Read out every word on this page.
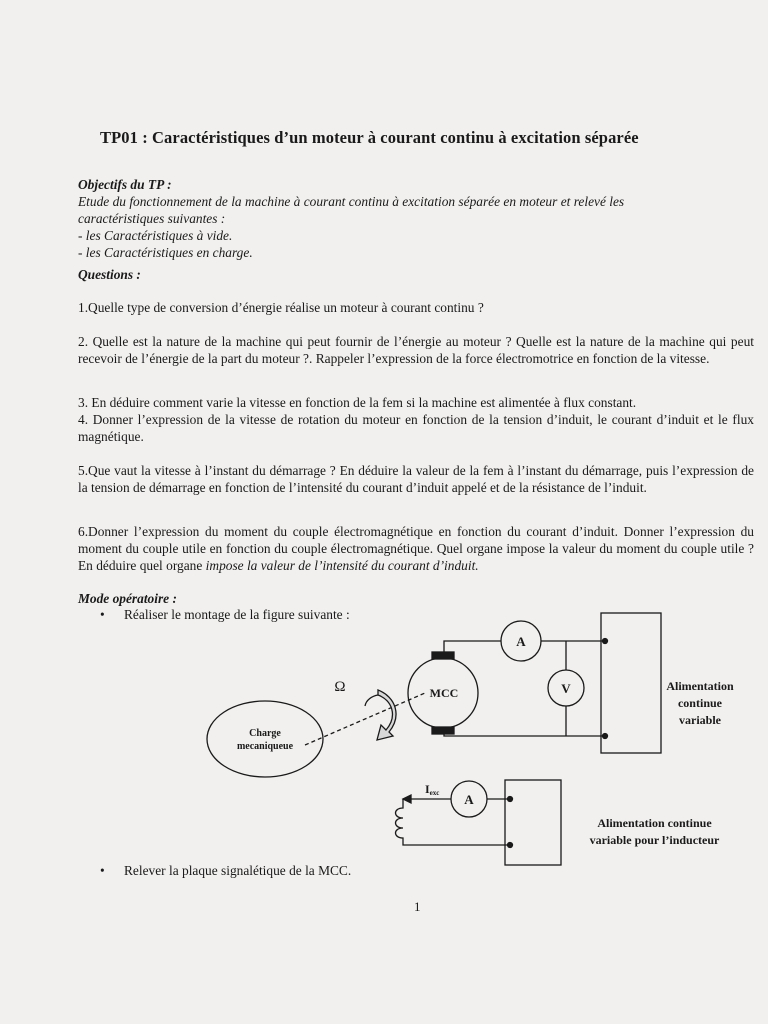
TP01 : Caractéristiques d’un moteur à courant continu à excitation séparée
Objectifs du TP :
Etude du fonctionnement de la machine à courant continu à excitation séparée en moteur et relevé les
caractéristiques suivantes :
- les Caractéristiques à vide.
- les Caractéristiques en charge.
Questions :
1.Quelle type de conversion d’énergie réalise un moteur à courant continu ?
2. Quelle est la nature de la machine qui peut fournir de l’énergie au moteur ? Quelle est la nature de la machine qui peut recevoir de l’énergie de la part du moteur ?. Rappeler l’expression de la force électromotrice en fonction de la vitesse.
3. En déduire comment varie la vitesse en fonction de la fem si la machine est alimentée à flux constant.
4. Donner l’expression de la vitesse de rotation du moteur en fonction de la tension d’induit, le courant d’induit et le flux magnétique.
5.Que vaut la vitesse à l’instant du démarrage ? En déduire la valeur de la fem à l’instant du démarrage, puis l’expression de la tension de démarrage en fonction de l’intensité du courant d’induit appelé et de la résistance de l’induit.
6.Donner l’expression du moment du couple électromagnétique en fonction du courant d’induit. Donner l’expression du moment du couple utile en fonction du couple électromagnétique. Quel organe impose la valeur du moment du couple utile ? En déduire quel organe impose la valeur de l’intensité du courant d’induit.
Mode opératoire :
• Réaliser le montage de la figure suivante :
A
V
MCC
Ω
Charge
mecaniqueue
A
Iexc
Alimentation
continue
variable
Alimentation continue
variable pour l’inducteur
• Relever la plaque signalétique de la MCC.
1
